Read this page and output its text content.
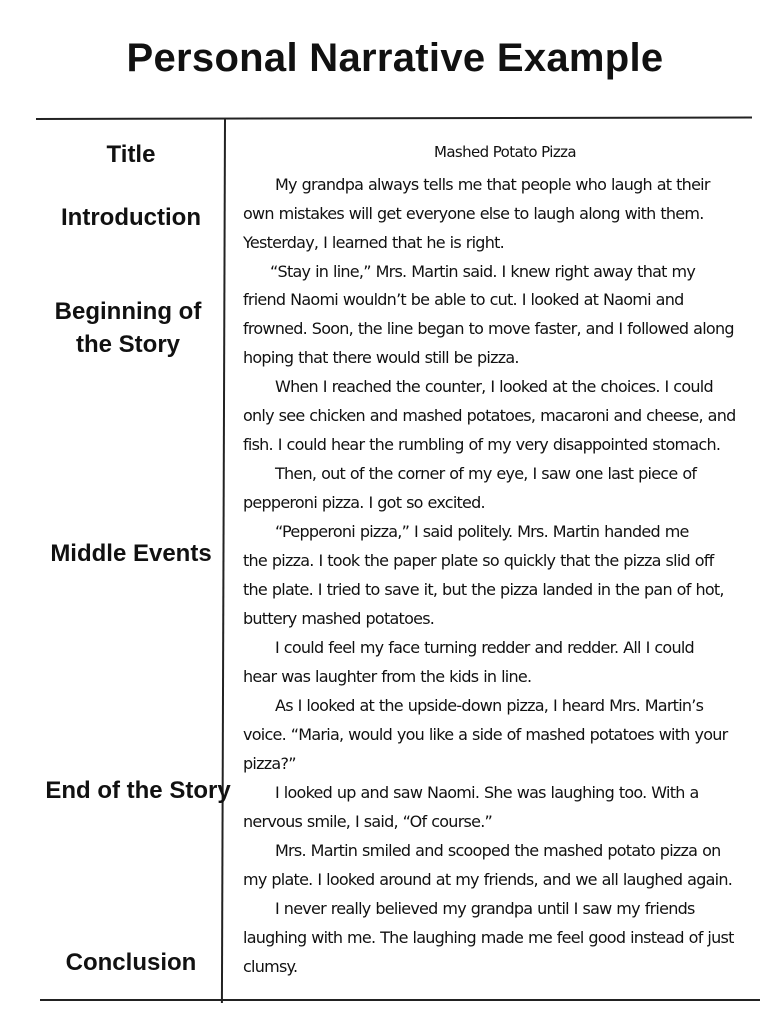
Personal Narrative Example
Title
Introduction
Beginning of the Story
Middle Events
End of the Story
Conclusion
Mashed Potato Pizza
My grandpa always tells me that people who laugh at their
own mistakes will get everyone else to laugh along with them.
Yesterday, I learned that he is right.
“Stay in line,” Mrs. Martin said. I knew right away that my
friend Naomi wouldn’t be able to cut. I looked at Naomi and
frowned. Soon, the line began to move faster, and I followed along
hoping that there would still be pizza.
When I reached the counter, I looked at the choices. I could
only see chicken and mashed potatoes, macaroni and cheese, and
fish. I could hear the rumbling of my very disappointed stomach.
Then, out of the corner of my eye, I saw one last piece of
pepperoni pizza. I got so excited.
“Pepperoni pizza,” I said politely. Mrs. Martin handed me
the pizza. I took the paper plate so quickly that the pizza slid off
the plate. I tried to save it, but the pizza landed in the pan of hot,
buttery mashed potatoes.
I could feel my face turning redder and redder. All I could
hear was laughter from the kids in line.
As I looked at the upside-down pizza, I heard Mrs. Martin’s
voice. “Maria, would you like a side of mashed potatoes with your
pizza?”
I looked up and saw Naomi. She was laughing too. With a
nervous smile, I said, “Of course.”
Mrs. Martin smiled and scooped the mashed potato pizza on
my plate. I looked around at my friends, and we all laughed again.
I never really believed my grandpa until I saw my friends
laughing with me. The laughing made me feel good instead of just
clumsy.
